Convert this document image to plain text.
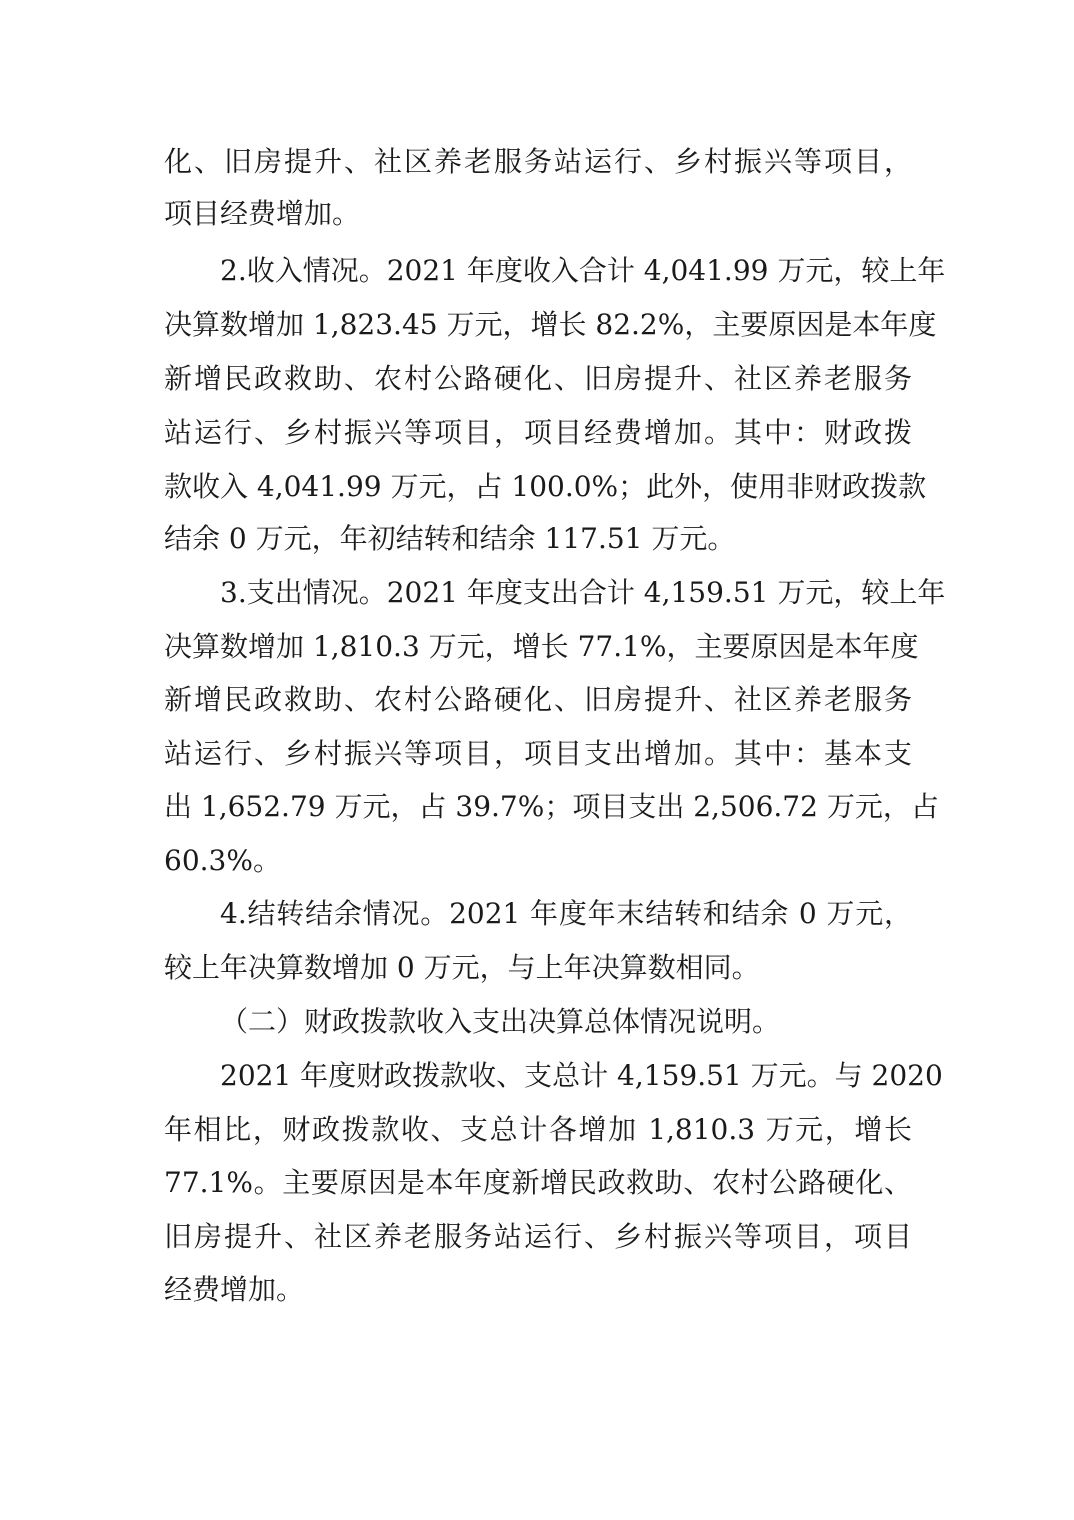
化、旧房提升、社区养老服务站运行、乡村振兴等项目，
项目经费增加。
2.收入情况。2021 年度收入合计 4,041.99 万元，较上年
决算数增加 1,823.45 万元，增长 82.2%，主要原因是本年度
新增民政救助、农村公路硬化、旧房提升、社区养老服务
站运行、乡村振兴等项目，项目经费增加。其中：财政拨
款收入 4,041.99 万元，占 100.0%；此外，使用非财政拨款
结余 0 万元，年初结转和结余 117.51 万元。
3.支出情况。2021 年度支出合计 4,159.51 万元，较上年
决算数增加 1,810.3 万元，增长 77.1%，主要原因是本年度
新增民政救助、农村公路硬化、旧房提升、社区养老服务
站运行、乡村振兴等项目，项目支出增加。其中：基本支
出 1,652.79 万元，占 39.7%；项目支出 2,506.72 万元，占
60.3%。
4.结转结余情况。2021 年度年末结转和结余 0 万元，
较上年决算数增加 0 万元，与上年决算数相同。
（二）财政拨款收入支出决算总体情况说明。
2021 年度财政拨款收、支总计 4,159.51 万元。与 2020
年相比，财政拨款收、支总计各增加 1,810.3 万元，增长
77.1%。主要原因是本年度新增民政救助、农村公路硬化、
旧房提升、社区养老服务站运行、乡村振兴等项目，项目
经费增加。
